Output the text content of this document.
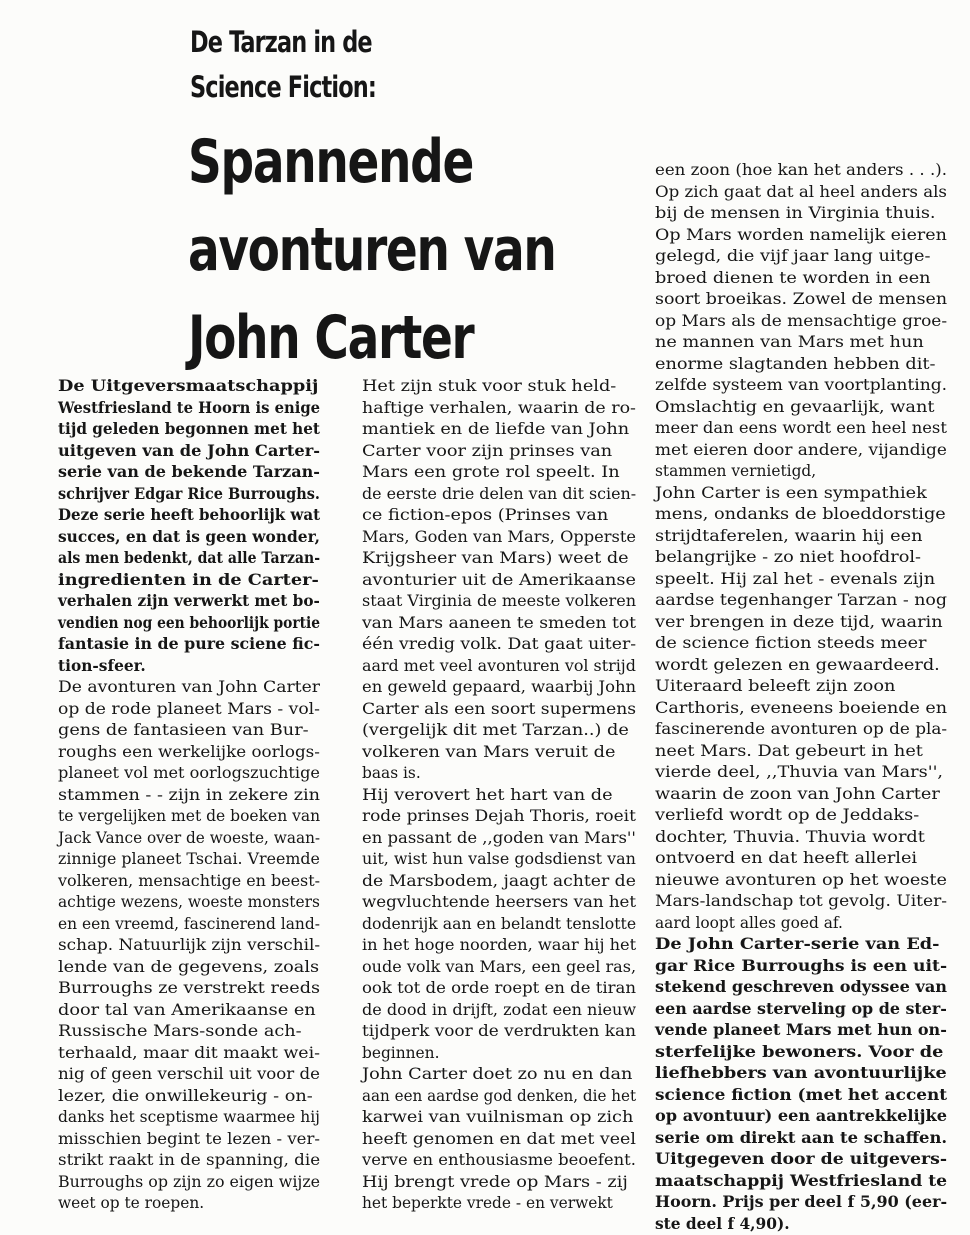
De Tarzan in de
Science Fiction:
Spannende
avonturen van
John Carter
De Uitgeversmaatschappij
Westfriesland te Hoorn is enige
tijd geleden begonnen met het
uitgeven van de John Carter-
serie van de bekende Tarzan-
schrijver Edgar Rice Burroughs.
Deze serie heeft behoorlijk wat
succes, en dat is geen wonder,
als men bedenkt, dat alle Tarzan-
ingredienten in de Carter-
verhalen zijn verwerkt met bo-
vendien nog een behoorlijk portie
fantasie in de pure sciene fic-
tion-sfeer.
De avonturen van John Carter
op de rode planeet Mars - vol-
gens de fantasieen van Bur-
roughs een werkelijke oorlogs-
planeet vol met oorlogszuchtige
stammen - - zijn in zekere zin
te vergelijken met de boeken van
Jack Vance over de woeste, waan-
zinnige planeet Tschai. Vreemde
volkeren, mensachtige en beest-
achtige wezens, woeste monsters
en een vreemd, fascinerend land-
schap. Natuurlijk zijn verschil-
lende van de gegevens, zoals
Burroughs ze verstrekt reeds
door tal van Amerikaanse en
Russische Mars-sonde ach-
terhaald, maar dit maakt wei-
nig of geen verschil uit voor de
lezer, die onwillekeurig - on-
danks het sceptisme waarmee hij
misschien begint te lezen - ver-
strikt raakt in de spanning, die
Burroughs op zijn zo eigen wijze
weet op te roepen.
Het zijn stuk voor stuk held-
haftige verhalen, waarin de ro-
mantiek en de liefde van John
Carter voor zijn prinses van
Mars een grote rol speelt. In
de eerste drie delen van dit scien-
ce fiction-epos (Prinses van
Mars, Goden van Mars, Opperste
Krijgsheer van Mars) weet de
avonturier uit de Amerikaanse
staat Virginia de meeste volkeren
van Mars aaneen te smeden tot
één vredig volk. Dat gaat uiter-
aard met veel avonturen vol strijd
en geweld gepaard, waarbij John
Carter als een soort supermens
(vergelijk dit met Tarzan..) de
volkeren van Mars veruit de
baas is.
Hij verovert het hart van de
rode prinses Dejah Thoris, roeit
en passant de ,,goden van Mars''
uit, wist hun valse godsdienst van
de Marsbodem, jaagt achter de
wegvluchtende heersers van het
dodenrijk aan en belandt tenslotte
in het hoge noorden, waar hij het
oude volk van Mars, een geel ras,
ook tot de orde roept en de tiran
de dood in drijft, zodat een nieuw
tijdperk voor de verdrukten kan
beginnen.
John Carter doet zo nu en dan
aan een aardse god denken, die het
karwei van vuilnisman op zich
heeft genomen en dat met veel
verve en enthousiasme beoefent.
Hij brengt vrede op Mars - zij
het beperkte vrede - en verwekt
een zoon (hoe kan het anders . . .).
Op zich gaat dat al heel anders als
bij de mensen in Virginia thuis.
Op Mars worden namelijk eieren
gelegd, die vijf jaar lang uitge-
broed dienen te worden in een
soort broeikas. Zowel de mensen
op Mars als de mensachtige groe-
ne mannen van Mars met hun
enorme slagtanden hebben dit-
zelfde systeem van voortplanting.
Omslachtig en gevaarlijk, want
meer dan eens wordt een heel nest
met eieren door andere, vijandige
stammen vernietigd,
John Carter is een sympathiek
mens, ondanks de bloeddorstige
strijdtaferelen, waarin hij een
belangrijke - zo niet hoofdrol-
speelt. Hij zal het - evenals zijn
aardse tegenhanger Tarzan - nog
ver brengen in deze tijd, waarin
de science fiction steeds meer
wordt gelezen en gewaardeerd.
Uiteraard beleeft zijn zoon
Carthoris, eveneens boeiende en
fascinerende avonturen op de pla-
neet Mars. Dat gebeurt in het
vierde deel, ,,Thuvia van Mars'',
waarin de zoon van John Carter
verliefd wordt op de Jeddaks-
dochter, Thuvia. Thuvia wordt
ontvoerd en dat heeft allerlei
nieuwe avonturen op het woeste
Mars-landschap tot gevolg. Uiter-
aard loopt alles goed af.
De John Carter-serie van Ed-
gar Rice Burroughs is een uit-
stekend geschreven odyssee van
een aardse sterveling op de ster-
vende planeet Mars met hun on-
sterfelijke bewoners. Voor de
liefhebbers van avontuurlijke
science fiction (met het accent
op avontuur) een aantrekkelijke
serie om direkt aan te schaffen.
Uitgegeven door de uitgevers-
maatschappij Westfriesland te
Hoorn. Prijs per deel f 5,90 (eer-
ste deel f 4,90).
